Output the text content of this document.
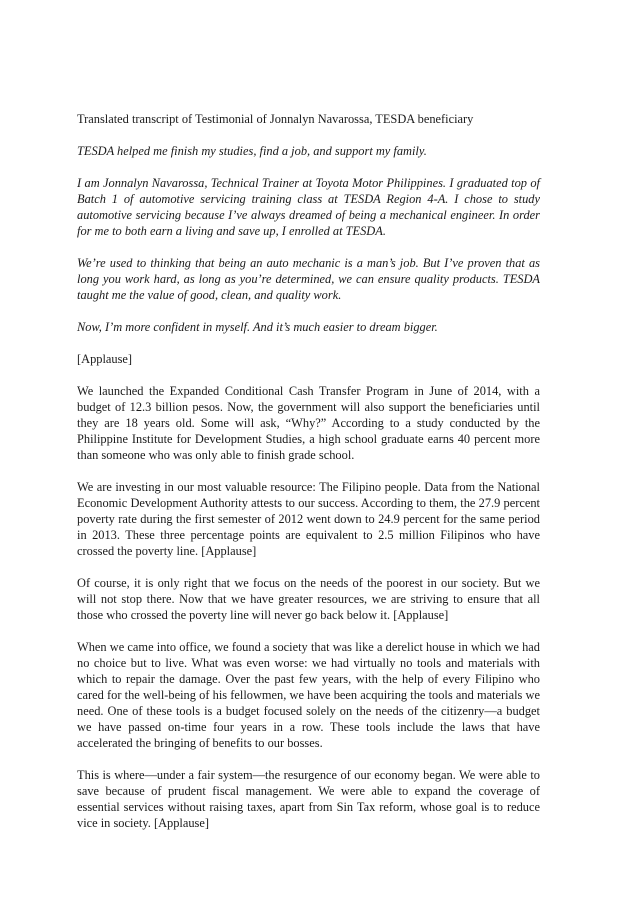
Translated transcript of Testimonial of Jonnalyn Navarossa, TESDA beneficiary

TESDA helped me finish my studies, find a job, and support my family.

I am Jonnalyn Navarossa, Technical Trainer at Toyota Motor Philippines. I graduated top of Batch 1 of automotive servicing training class at TESDA Region 4-A. I chose to study automotive servicing because I’ve always dreamed of being a mechanical engineer. In order for me to both earn a living and save up, I enrolled at TESDA.

We’re used to thinking that being an auto mechanic is a man’s job. But I’ve proven that as long you work hard, as long as you’re determined, we can ensure quality products. TESDA taught me the value of good, clean, and quality work.

Now, I’m more confident in myself. And it’s much easier to dream bigger.

[Applause]

We launched the Expanded Conditional Cash Transfer Program in June of 2014, with a budget of 12.3 billion pesos. Now, the government will also support the beneficiaries until they are 18 years old. Some will ask, “Why?” According to a study conducted by the Philippine Institute for Development Studies, a high school graduate earns 40 percent more than someone who was only able to finish grade school.

We are investing in our most valuable resource: The Filipino people. Data from the National Economic Development Authority attests to our success. According to them, the 27.9 percent poverty rate during the first semester of 2012 went down to 24.9 percent for the same period in 2013. These three percentage points are equivalent to 2.5 million Filipinos who have crossed the poverty line. [Applause]

Of course, it is only right that we focus on the needs of the poorest in our society. But we will not stop there. Now that we have greater resources, we are striving to ensure that all those who crossed the poverty line will never go back below it. [Applause]

When we came into office, we found a society that was like a derelict house in which we had no choice but to live. What was even worse: we had virtually no tools and materials with which to repair the damage. Over the past few years, with the help of every Filipino who cared for the well-being of his fellowmen, we have been acquiring the tools and materials we need. One of these tools is a budget focused solely on the needs of the citizenry—a budget we have passed on-time four years in a row. These tools include the laws that have accelerated the bringing of benefits to our bosses.

This is where—under a fair system—the resurgence of our economy began. We were able to save because of prudent fiscal management. We were able to expand the coverage of essential services without raising taxes, apart from Sin Tax reform, whose goal is to reduce vice in society. [Applause]
